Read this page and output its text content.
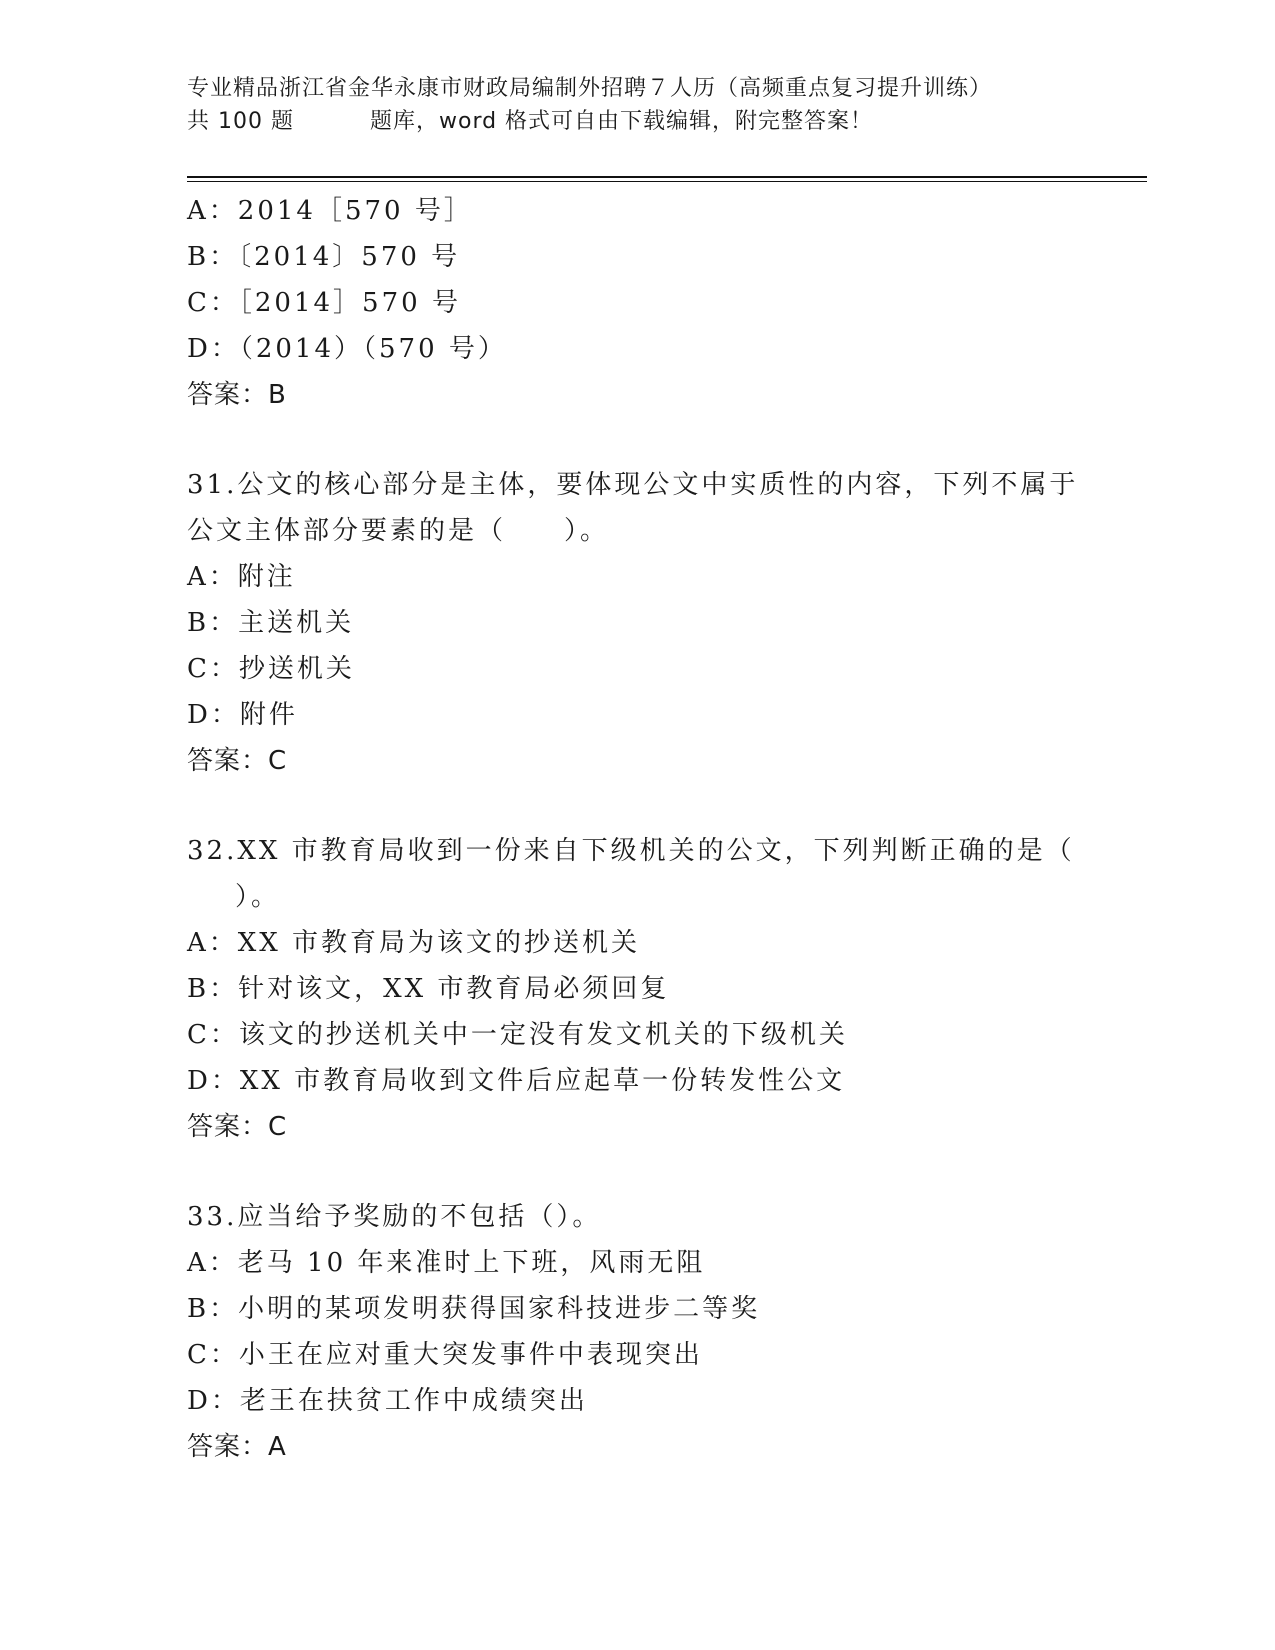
专业精品浙江省金华永康市财政局编制外招聘７人历（高频重点复习提升训练）
共 100 题	题库，word 格式可自由下载编辑，附完整答案！
A：2014［570 号］
B：〔2014〕570 号
C：［2014］570 号
D：（2014）（570 号）
答案：B
31.公文的核心部分是主体，要体现公文中实质性的内容，下列不属于
公文主体部分要素的是（　　）。
A：附注
B：主送机关
C：抄送机关
D：附件
答案：C
32.XX 市教育局收到一份来自下级机关的公文，下列判断正确的是（
）。
A：XX 市教育局为该文的抄送机关
B：针对该文，XX 市教育局必须回复
C：该文的抄送机关中一定没有发文机关的下级机关
D：XX 市教育局收到文件后应起草一份转发性公文
答案：C
33.应当给予奖励的不包括（）。
A：老马 10 年来准时上下班，风雨无阻
B：小明的某项发明获得国家科技进步二等奖
C：小王在应对重大突发事件中表现突出
D：老王在扶贫工作中成绩突出
答案：A
